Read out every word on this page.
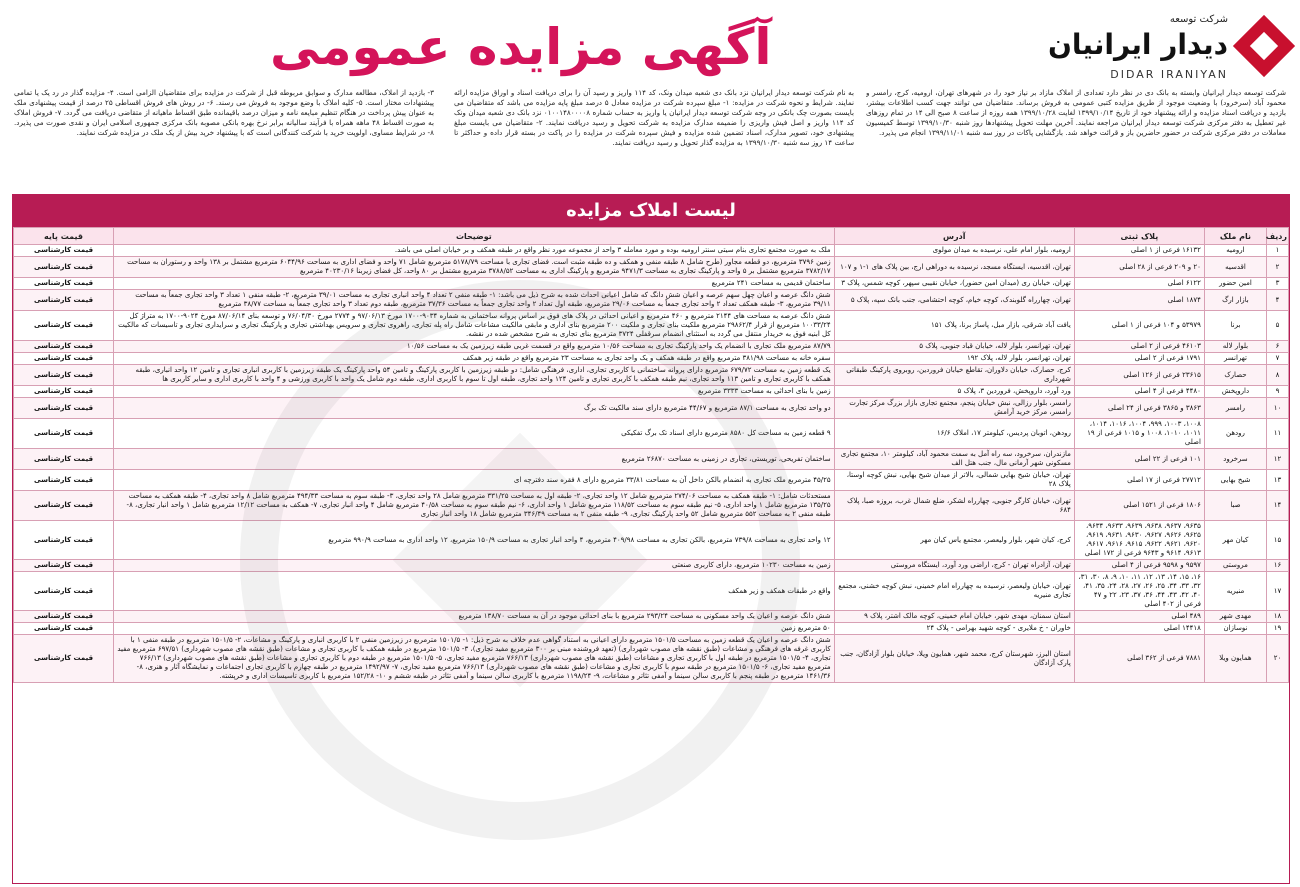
شرکت توسعه
دیدار ایرانیان
DIDAR IRANIYAN
آگهی مزایده عمومی
شرکت توسعه دیدار ایرانیان وابسته به بانک دی در نظر دارد تعدادی از املاک مازاد بر نیاز خود را، در شهرهای تهران، ارومیه، کرج، رامسر و محمود آباد (سرخرود) با وضعیت موجود از طریق مزایده کتبی عمومی به فروش برساند. متقاضیان می توانند جهت کسب اطلاعات بیشتر، بازدید و دریافت اسناد مزایده و ارائه پیشنهاد خود از تاریخ ۱۳۹۹/۱۰/۱۴ لغایت ۱۳۹۹/۱۰/۲۸ همه روزه از ساعت ۸ صبح الی ۱۴ در تمام روزهای غیر تعطیل به دفتر مرکزی شرکت توسعه دیدار ایرانیان مراجعه نمایند. آخرین مهلت تحویل پیشنهادها روز شنبه ۱۳۹۹/۱۰/۳۰ توسط کمیسیون معاملات در دفتر مرکزی شرکت در حضور حاضرین باز و قرائت خواهد شد. بازگشایی پاکات در روز سه شنبه ۱۳۹۹/۱۱/۰۱ انجام می پذیرد.
به نام شرکت توسعه دیدار ایرانیان نزد بانک دی شعبه میدان ونک، کد ۱۱۴ واریز و رسید آن را برای دریافت اسناد و اوراق مزایده ارائه نمایند. شرایط و نحوه شرکت در مزایده: ۱- مبلغ سپرده شرکت در مزایده معادل ۵ درصد مبلغ پایه مزایده می باشد که متقاضیان می بایست بصورت چک بانکی در وجه شرکت توسعه دیدار ایرانیان یا واریز به حساب شماره ۰۱۰۰۱۴۸۰۰۰۰۸ نزد بانک دی شعبه میدان ونک کد ۱۱۴ واریز و اصل فیش واریزی را ضمیمه مدارک مزایده به شرکت تحویل و رسید دریافت نمایند. ۲- متقاضیان می بایست مبلغ پیشنهادی خود، تصویر مدارک، اسناد تضمین شده مزایده و فیش سپرده شرکت در مزایده را در پاکت در بسته قرار داده و حداکثر تا ساعت ۱۴ روز سه شنبه ۱۳۹۹/۱۰/۳۰ به مزایده گذار تحویل و رسید دریافت نمایند.
۳- بازدید از املاک، مطالعه مدارک و سوابق مربوطه قبل از شرکت در مزایده برای متقاضیان الزامی است. ۴- مزایده گذار در رد یک یا تمامی پیشنهادات مختار است. ۵- کلیه املاک با وضع موجود به فروش می رسند. ۶- در روش های فروش اقساطی ۲۵ درصد از قیمت پیشنهادی ملک به عنوان پیش پرداخت در هنگام تنظیم مبایعه نامه و میزان درصد باقیمانده طبق اقساط ماهیانه از متقاضی دریافت می گردد. ۷- فروش املاک به صورت اقساط ۴۸ ماهه همراه با فرآیند سالیانه برابر نرخ بهره بانکی مصوبه بانک مرکزی جمهوری اسلامی ایران و نقدی صورت می پذیرد. ۸- در شرایط مساوی، اولویت خرید با شرکت کنندگانی است که با پیشنهاد خرید بیش از یک ملک در مزایده شرکت نمایند.
لیست املاک مزایده
ردیف	نام ملک	پلاک ثبتی	آدرس	توضیحات	قیمت پایه
۱	ارومیه	۱۶۱۳۲ فرعی از ۱ اصلی	ارومیه، بلوار امام علی، نرسیده به میدان مولوی	ملک به صورت مجتمع تجاری بنام سیتی سنتر ارومیه بوده و مورد معامله ۳ واحد از مجموعه مورد نظر واقع در طبقه همکف و بر خیابان اصلی می باشد.	قیمت کارشناسی
۲	اقدسیه	۲۰ و ۲۰۹ فرعی از ۲۸ اصلی	تهران، اقدسیه، ایستگاه مسجد، نرسیده به دوراهی ارج، بین پلاک های ۱-۱ و ۱۰۷	زمین ۳۷۹۶ مترمربع، دو قطعه مجاور (طرح شامل ۸ طبقه منفی و همکف و ده طبقه مثبت است. فضای تجاری با مساحت ۵۱۷۸/۷۹ مترمربع شامل ۷۱ واحد و فضای اداری به مساحت ۶۰۴۴/۹۶ مترمربع مشتمل بر ۱۳۸ واحد و رستوران به مساحت ۳۷۸۲/۱۷ مترمربع مشتمل بر ۵ واحد و پارکینگ تجاری به مساحت ۹۴۷۱/۳ مترمربع و پارکینگ اداری به مساحت ۳۷۸۸/۵۲ مترمربع مشتمل بر ۸۰ واحد، کل فضای زیربنا ۴۰۲۳۰/۱۶ مترمربع	قیمت کارشناسی
۳	امین حضور	۶۱۲۲ اصلی	تهران، خیابان ری (میدان امین حضور)، خیابان نقیبی سپهر، کوچه شمس، پلاک ۳	ساختمان قدیمی به مساحت ۲۴۱ مترمربع	قیمت کارشناسی
۴	بازار ارگ	۱۸۷۴ اصلی	تهران، چهارراه گلوبندک، کوچه خیام، کوچه احتشامی، جنب بانک سپه، پلاک ۵	شش دانگ عرصه و اعیان چهل سهم عرصه و اعیان شش دانگ که شامل اعیانی احداث شده به شرح ذیل می باشد: ۱- طبقه منفی ۲ تعداد ۴ واحد انباری تجاری به مساحت ۳۹/۰۱ مترمربع، ۲- طبقه منفی ۱ تعداد ۳ واحد تجاری جمعاً به مساحت ۳۹/۱۱ مترمربع، ۳- طبقه همکف تعداد ۲ واحد تجاری جمعاً به مساحت ۲۹/۰۶ مترمربع، طبقه اول تعداد ۲ واحد تجاری جمعاً به مساحت ۳۷/۳۶ مترمربع، طبقه دوم تعداد ۳ واحد تجاری جمعاً به مساحت ۳۸/۷۷ مترمربع	قیمت کارشناسی
۵	برنا	۵۳۹۷۹ و ۱۰۴ فرعی از ۱ اصلی	یافت آباد شرقی، بازار مبل، پاساژ برنا، پلاک ۱۵۱	شش دانگ عرصه به مساحت های ۲۱۴۴ مترمربع و ۴۶۰ مترمربع و اعیانی احداثی در پلاک های فوق بر اساس پروانه ساختمانی به شماره ۹۰۳۴-۱۷۰۰ مورخ ۹۷/۰۶/۱۳ و ۲۷۷۴ مورخ ۷۶/۰۴/۳۰ و توسعه بنای ۸۷/۰۶/۱۴ مورخ ۹۰۲۴-۱۷۰۰ به متراژ کل ۱۰۰۳۳/۲۴ مترمربع از قرار ۲۹۸۶۲/۴ مترمربع ملکیت بنای تجاری و ملکیت ۲۰۰ مترمربع بنای اداری و مابقی مالکیت مشاعات شامل راه پله تجاری، راهروی تجاری و سرویس بهداشتی تجاری و پارکینگ تجاری و سرایداری تجاری و تاسیسات که مالکیت کل ابنیه فوق به خریدار منتقل می گردد به استثنای انضمام سرقفلی ۳۷۲۴ مترمربع بنای تجاری به شرح مشخص شده در نقشه.	قیمت کارشناسی
۶	بلوار لاله	۴۶۱۰۳ فرعی از ۲ اصلی	تهران، تهرانسر، بلوار لاله، خیابان قباد جنوبی، پلاک ۵	۸۷/۷۹ مترمربع ملک تجاری با انضمام یک واحد پارکینگ تجاری به مساحت ۱۰/۵۶ مترمربع واقع در قسمت غربی طبقه زیرزمین یک به مساحت ۱۰/۵۶	قیمت کارشناسی
۷	تهرانسر	۱۷۹۱ فرعی از ۲ اصلی	تهران، تهرانسر، بلوار لاله، پلاک ۱۹۲	سفره خانه به مساحت ۳۸۱/۹۸ مترمربع واقع در طبقه همکف و یک واحد تجاری به مساحت ۲۳ مترمربع واقع در طبقه زیر همکف	قیمت کارشناسی
۸	حصارک	۲۳۶۱۵ فرعی از ۱۲۶ اصلی	کرج، حصارک، خیابان دلاوران، تقاطع خیابان فروردین، روبروی پارکینگ طبقاتی شهرداری	یک قطعه زمین به مساحت ۶۷۹/۷۲ مترمربع دارای پروانه ساختمانی با کاربری تجاری، اداری، فرهنگی شامل: دو طبقه زیرزمین با کاربری پارکینگ و تامین ۵۴ واحد پارکینگ یک طبقه زیرزمین با کاربری انباری تجاری و تامین ۱۲ واحد انباری، طبقه همکف با کاربری تجاری و تامین ۱۱۳ واحد تجاری، نیم طبقه همکف با کاربری تجاری و تامین ۱۲۴ واحد تجاری، طبقه اول تا سوم با کاربری اداری، طبقه دوم شامل یک واحد با کاربری ورزشی و ۴ واحد با کاربری اداری و سایر کاربری ها	قیمت کارشناسی
۹	داروپخش	۴۴۸۰ فرعی از ۴ اصلی	ورد آورد، داروپخش، فروردین ۳، پلاک ۵	زمین با بنای احداثی به مساحت ۳۳۳۳ مترمربع	قیمت کارشناسی
۱۰	رامسر	۳۸۶۳ و ۳۸۶۵ فرعی از ۲۴ اصلی	رامسر، بلوار رزالی، نبش خیابان پنجم، مجتمع تجاری بازار بزرگ مرکز تجارت رامسر، مرکز خرید آرامش	دو واحد تجاری به مساحت ۸۷/۱ مترمربع و ۴۴/۶۷ مترمربع دارای سند مالکیت تک برگ	قیمت کارشناسی
۱۱	رودهن	۱۰۰۸، ۱۰۰۳، ۹۹۹، ۱۰۰۴، ۱۰۱۶، ۱۰۱۴، ۱۰۱۱، ۱۰۱۰، ۱۰۰۸ و ۱۰۱۵ فرعی از ۱۹ اصلی	رودهن، اتوبان پردیس، کیلومتر ۱۷، املاک ۱۶/۶	۹ قطعه زمین به مساحت کل ۸۵۸۰ مترمربع دارای اسناد تک برگ تفکیکی	قیمت کارشناسی
۱۲	سرخرود	۱۰۱ فرعی از ۲۲ اصلی	مازندران، سرخرود، سه راه آمل به سمت محمود آباد، کیلومتر ۱۰، مجتمع تجاری مسکونی شهر آرمانی مال، جنب هتل الف	ساختمان تفریحی، توریستی، تجاری در زمینی به مساحت ۲۶۸۷۰ مترمربع	قیمت کارشناسی
۱۳	شیخ بهایی	۲۷۷۱۲ فرعی از ۱۷ اصلی	تهران، خیابان شیخ بهایی شمالی، بالاتر از میدان شیخ بهایی، نبش کوچه اوستا، پلاک ۲۸	۴۵/۲۵ مترمربع ملک تجاری به انضمام بالکن داخل آن به مساحت ۳۳/۸۱ مترمربع دارای ۸ فقره سند دفترچه ای	قیمت کارشناسی
۱۴	صبا	۱۸۰۶ فرعی از ۱۵۲۱ اصلی	تهران، خیابان کارگر جنوبی، چهارراه لشکر، ضلع شمال غرب، بروزه صبا، پلاک ۶۸۴	مستحدثات شامل: ۱- طبقه همکف به مساحت ۲۷۴/۰۶ مترمربع شامل ۱۲ واحد تجاری، ۲- طبقه اول به مساحت ۳۳۱/۲۵ مترمربع شامل ۲۸ واحد تجاری، ۳- طبقه سوم به مساحت ۴۹۴/۳۳ مترمربع شامل ۸ واحد تجاری، ۴- طبقه همکف به مساحت ۱۳۵/۲۵ مترمربع شامل ۱ واحد اداری، ۵- نیم طبقه سوم به مساحت ۱۱۸/۵۲ مترمربع شامل ۱ واحد اداری، ۶- نیم طبقه سوم به مساحت ۴۰/۵۸ مترمربع شامل ۴ واحد انبار تجاری، ۷- همکف به مساحت ۱۲/۱۲ مترمربع شامل ۱ واحد انبار تجاری، ۸- طبقه منفی ۲ به مساحت ۵۵۲ مترمربع شامل ۵۲ واحد پارکینگ تجاری، ۹- طبقه منفی ۲ به مساحت ۳۴۶/۴۹ مترمربع شامل ۱۸ واحد انبار تجاری	قیمت کارشناسی
۱۵	کیان مهر	۹۶۳۵، ۹۶۳۷، ۹۶۳۸، ۹۶۳۹، ۹۶۳۳، ۹۶۳۴، ۹۶۲۵، ۹۶۲۶، ۹۶۲۷، ۹۶۳۰، ۹۶۳۱، ۹۶۱۹، ۹۶۲۰، ۹۶۲۱، ۹۶۲۲، ۹۶۱۵، ۹۶۱۶، ۹۶۱۷، ۹۶۱۳، ۹۶۱۴ و ۹۶۴۳ فرعی از ۱۷۲ اصلی	کرج، کیان شهر، بلوار ولیعصر، مجتمع یاس کیان مهر	۱۲ واحد تجاری به مساحت ۷۳۹/۸ مترمربع، بالکن تجاری به مساحت ۴۰۹/۹۸ مترمربع، ۴ واحد انبار تجاری به مساحت ۱۵۰/۹ مترمربع، ۱۲ واحد اداری به مساحت ۹۹۰/۹ مترمربع	قیمت کارشناسی
۱۶	مروستی	۹۵۹۷ و ۹۵۹۸ فرعی از ۴ اصلی	تهران، آزادراه تهران - کرج، اراضی ورد آورد، ایستگاه مروستی	زمین به مساحت ۱۰۲۳۰ مترمربع، دارای کاربری صنعتی	قیمت کارشناسی
۱۷	منیریه	۱۶، ۱۵، ۱۴، ۱۳، ۱۲، ۱۱، ۱۰، ۹، ۸، ۳۰، ۳۱، ۳۲، ۳۳، ۳۴، ۲۵، ۲۶، ۲۷، ۲۸، ۲۴، ۳۵، ۴۱، ۴۰، ۴۲، ۴۳، ۴۴، ۳۶، ۳۷، ۲۳، ۲۲ و ۴۷ فرعی از ۴۰۲ اصلی	تهران، خیابان ولیعصر، نرسیده به چهارراه امام خمینی، نبش کوچه خشنی، مجتمع تجاری منیریه	واقع در طبقات همکف و زیر همکف	قیمت کارشناسی
۱۸	مهدی شهر	۴۸۹ اصلی	استان سمنان، مهدی شهر، خیابان امام خمینی، کوچه مالک اشتر، پلاک ۹	شش دانگ عرصه و اعیان یک واحد مسکونی به مساحت ۲۹۳/۲۴ مترمربع با بنای احداثی موجود در آن به مساحت ۱۳۸/۷۰ مترمربع	قیمت کارشناسی
۱۹	نوسازان	۱۴۴۱۸ اصلی	خاوران - خ ملایری - کوچه شهید بهرامی - پلاک ۲۴	۵۰ مترمربع زمین	قیمت کارشناسی
۲۰	همایون ویلا	۷۸۸۱ فرعی از ۳۶۲ اصلی	استان البرز، شهرستان کرج، محمد شهر، همایون ویلا، خیابان بلوار آزادگان، جنب پارک آزادگان	شش دانگ عرصه و اعیان یک قطعه زمین به مساحت ۱۵۰۱/۵ مترمربع دارای اعیانی به استناد گواهی عدم خلاف به شرح ذیل: ۱- ۱۵۰۱/۵ مترمربع در زیرزمین منفی ۲ با کاربری انباری و پارکینگ و مشاعات، ۲- ۱۵۰۱/۵ مترمربع در طبقه منفی ۱ با کاربری غرفه های فرهنگی و مشاعات (طبق نقشه های مصوب شهرداری) (تعهد فروشنده مبنی بر ۳۰۰ مترمربع مفید تجاری)، ۳- ۱۵۰۱/۵ مترمربع در طبقه همکف با کاربری تجاری و مشاعات (طبق نقشه های مصوب شهرداری) ۶۹۷/۵۱ مترمربع مفید تجاری، ۴- ۱۵۰۱/۵ مترمربع در طبقه اول با کاربری تجاری و مشاعات (طبق نقشه های مصوب شهرداری) ۷۶۶/۱۳ مترمربع مفید تجاری، ۵- ۱۵۰۱/۵ مترمربع در طبقه دوم با کاربری تجاری و مشاعات (طبق نقشه های مصوب شهرداری) ۷۶۶/۱۳ مترمربع مفید تجاری، ۶- ۱۵۰۱/۵ مترمربع در طبقه سوم با کاربری تجاری و مشاعات (طبق نقشه های مصوب شهرداری) ۷۶۶/۱۳ مترمربع مفید تجاری، ۷- ۱۴۹۲/۹۷ مترمربع در طبقه چهارم با کاربری تجاری اجتماعات و نمایشگاه آثار و هنری، ۸- ۱۴۶۱/۳۶ مترمربع در طبقه پنجم با کاربری سالن سینما و آمفی تئاتر و مشاعات، ۹- ۱۱۹۸/۲۴ مترمربع با کاربری سالن سینما و آمفی تئاتر در طبقه ششم و ۱۰- ۱۵۲/۲۸ مترمربع با کاربری تاسیسات اداری و خرپشته.	قیمت کارشناسی
